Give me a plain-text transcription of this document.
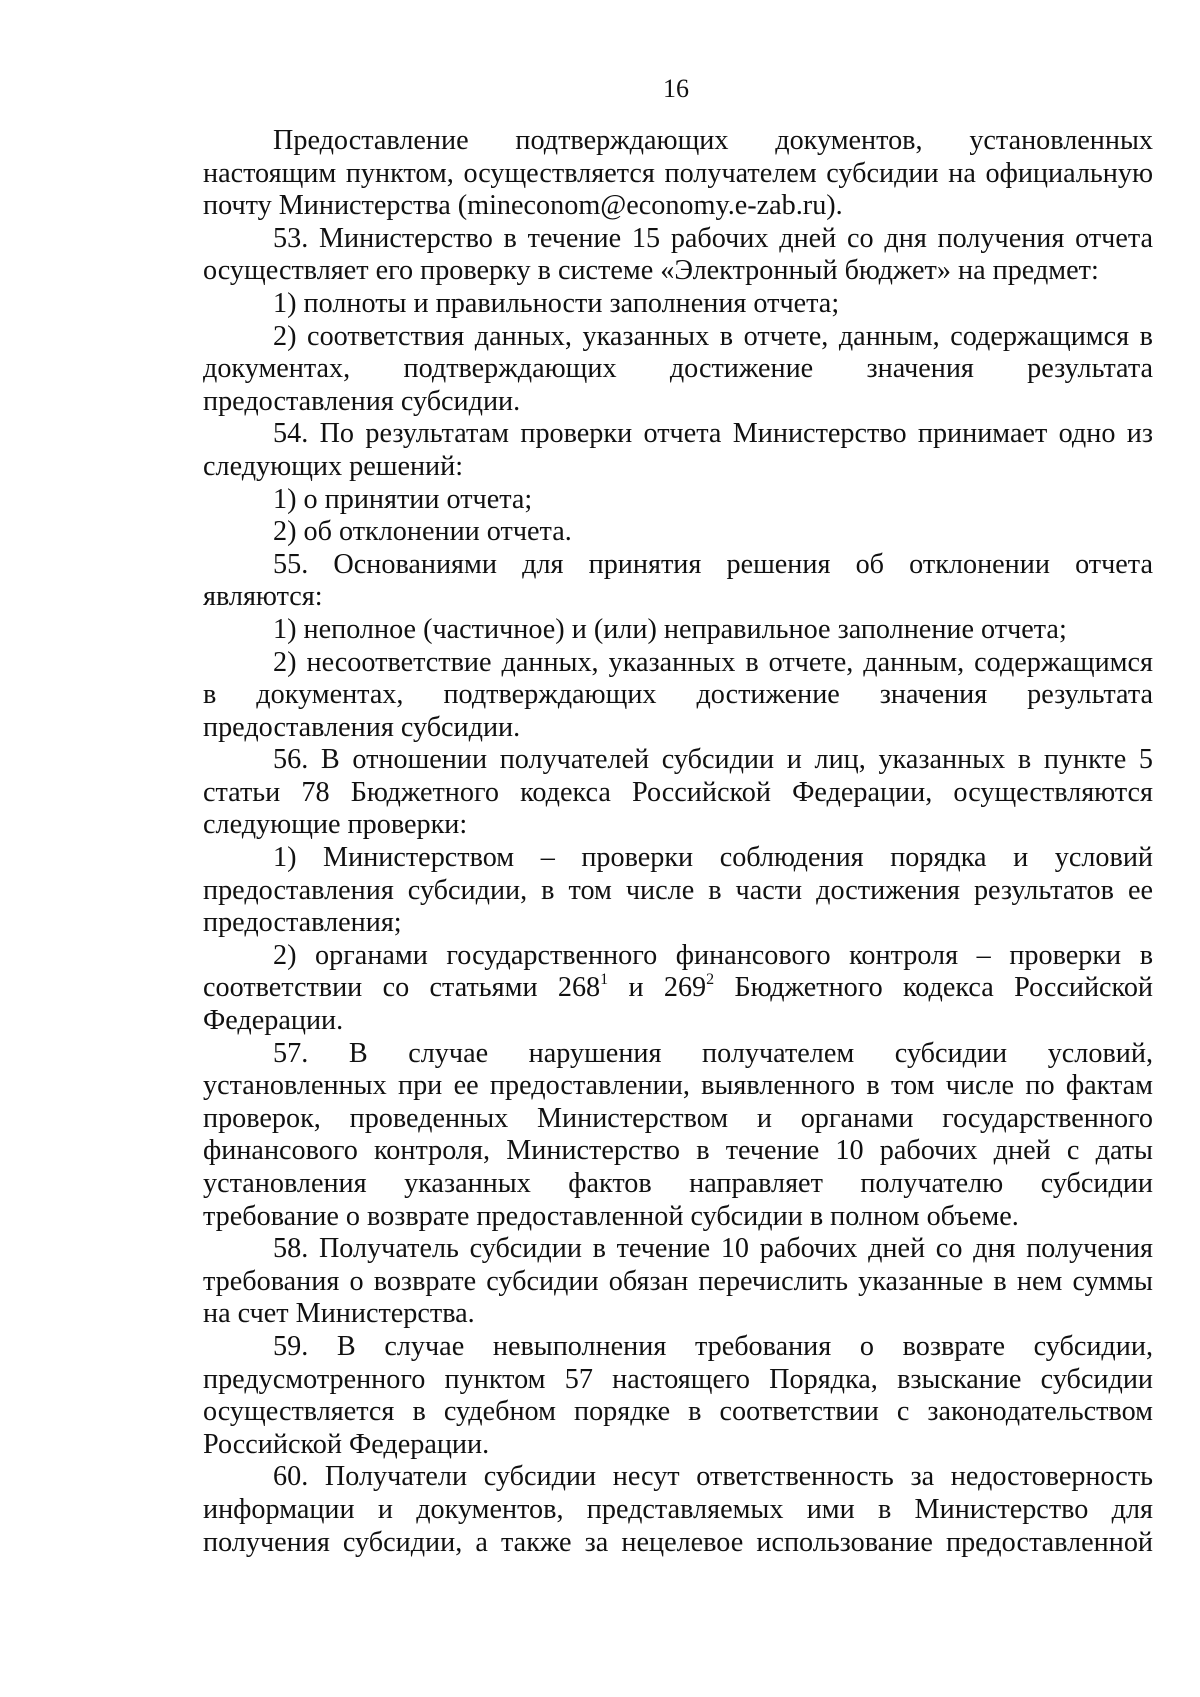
16
Предоставление подтверждающих документов, установленных
настоящим пунктом, осуществляется получателем субсидии на официальную
почту Министерства (mineconom@economy.e-zab.ru).
53. Министерство в течение 15 рабочих дней со дня получения отчета
осуществляет его проверку в системе «Электронный бюджет» на предмет:
1) полноты и правильности заполнения отчета;
2) соответствия данных, указанных в отчете, данным, содержащимся в
документах, подтверждающих достижение значения результата
предоставления субсидии.
54. По результатам проверки отчета Министерство принимает одно из
следующих решений:
1) о принятии отчета;
2) об отклонении отчета.
55. Основаниями для принятия решения об отклонении отчета
являются:
1) неполное (частичное) и (или) неправильное заполнение отчета;
2) несоответствие данных, указанных в отчете, данным, содержащимся
в документах, подтверждающих достижение значения результата
предоставления субсидии.
56. В отношении получателей субсидии и лиц, указанных в пункте 5
статьи 78 Бюджетного кодекса Российской Федерации, осуществляются
следующие проверки:
1) Министерством – проверки соблюдения порядка и условий
предоставления субсидии, в том числе в части достижения результатов ее
предоставления;
2) органами государственного финансового контроля – проверки в
соответствии со статьями $268^1$ и $269^2$ Бюджетного кодекса Российской
Федерации.
57. В случае нарушения получателем субсидии условий,
установленных при ее предоставлении, выявленного в том числе по фактам
проверок, проведенных Министерством и органами государственного
финансового контроля, Министерство в течение 10 рабочих дней с даты
установления указанных фактов направляет получателю субсидии
требование о возврате предоставленной субсидии в полном объеме.
58. Получатель субсидии в течение 10 рабочих дней со дня получения
требования о возврате субсидии обязан перечислить указанные в нем суммы
на счет Министерства.
59. В случае невыполнения требования о возврате субсидии,
предусмотренного пунктом 57 настоящего Порядка, взыскание субсидии
осуществляется в судебном порядке в соответствии с законодательством
Российской Федерации.
60. Получатели субсидии несут ответственность за недостоверность
информации и документов, представляемых ими в Министерство для
получения субсидии, а также за нецелевое использование предоставленной
